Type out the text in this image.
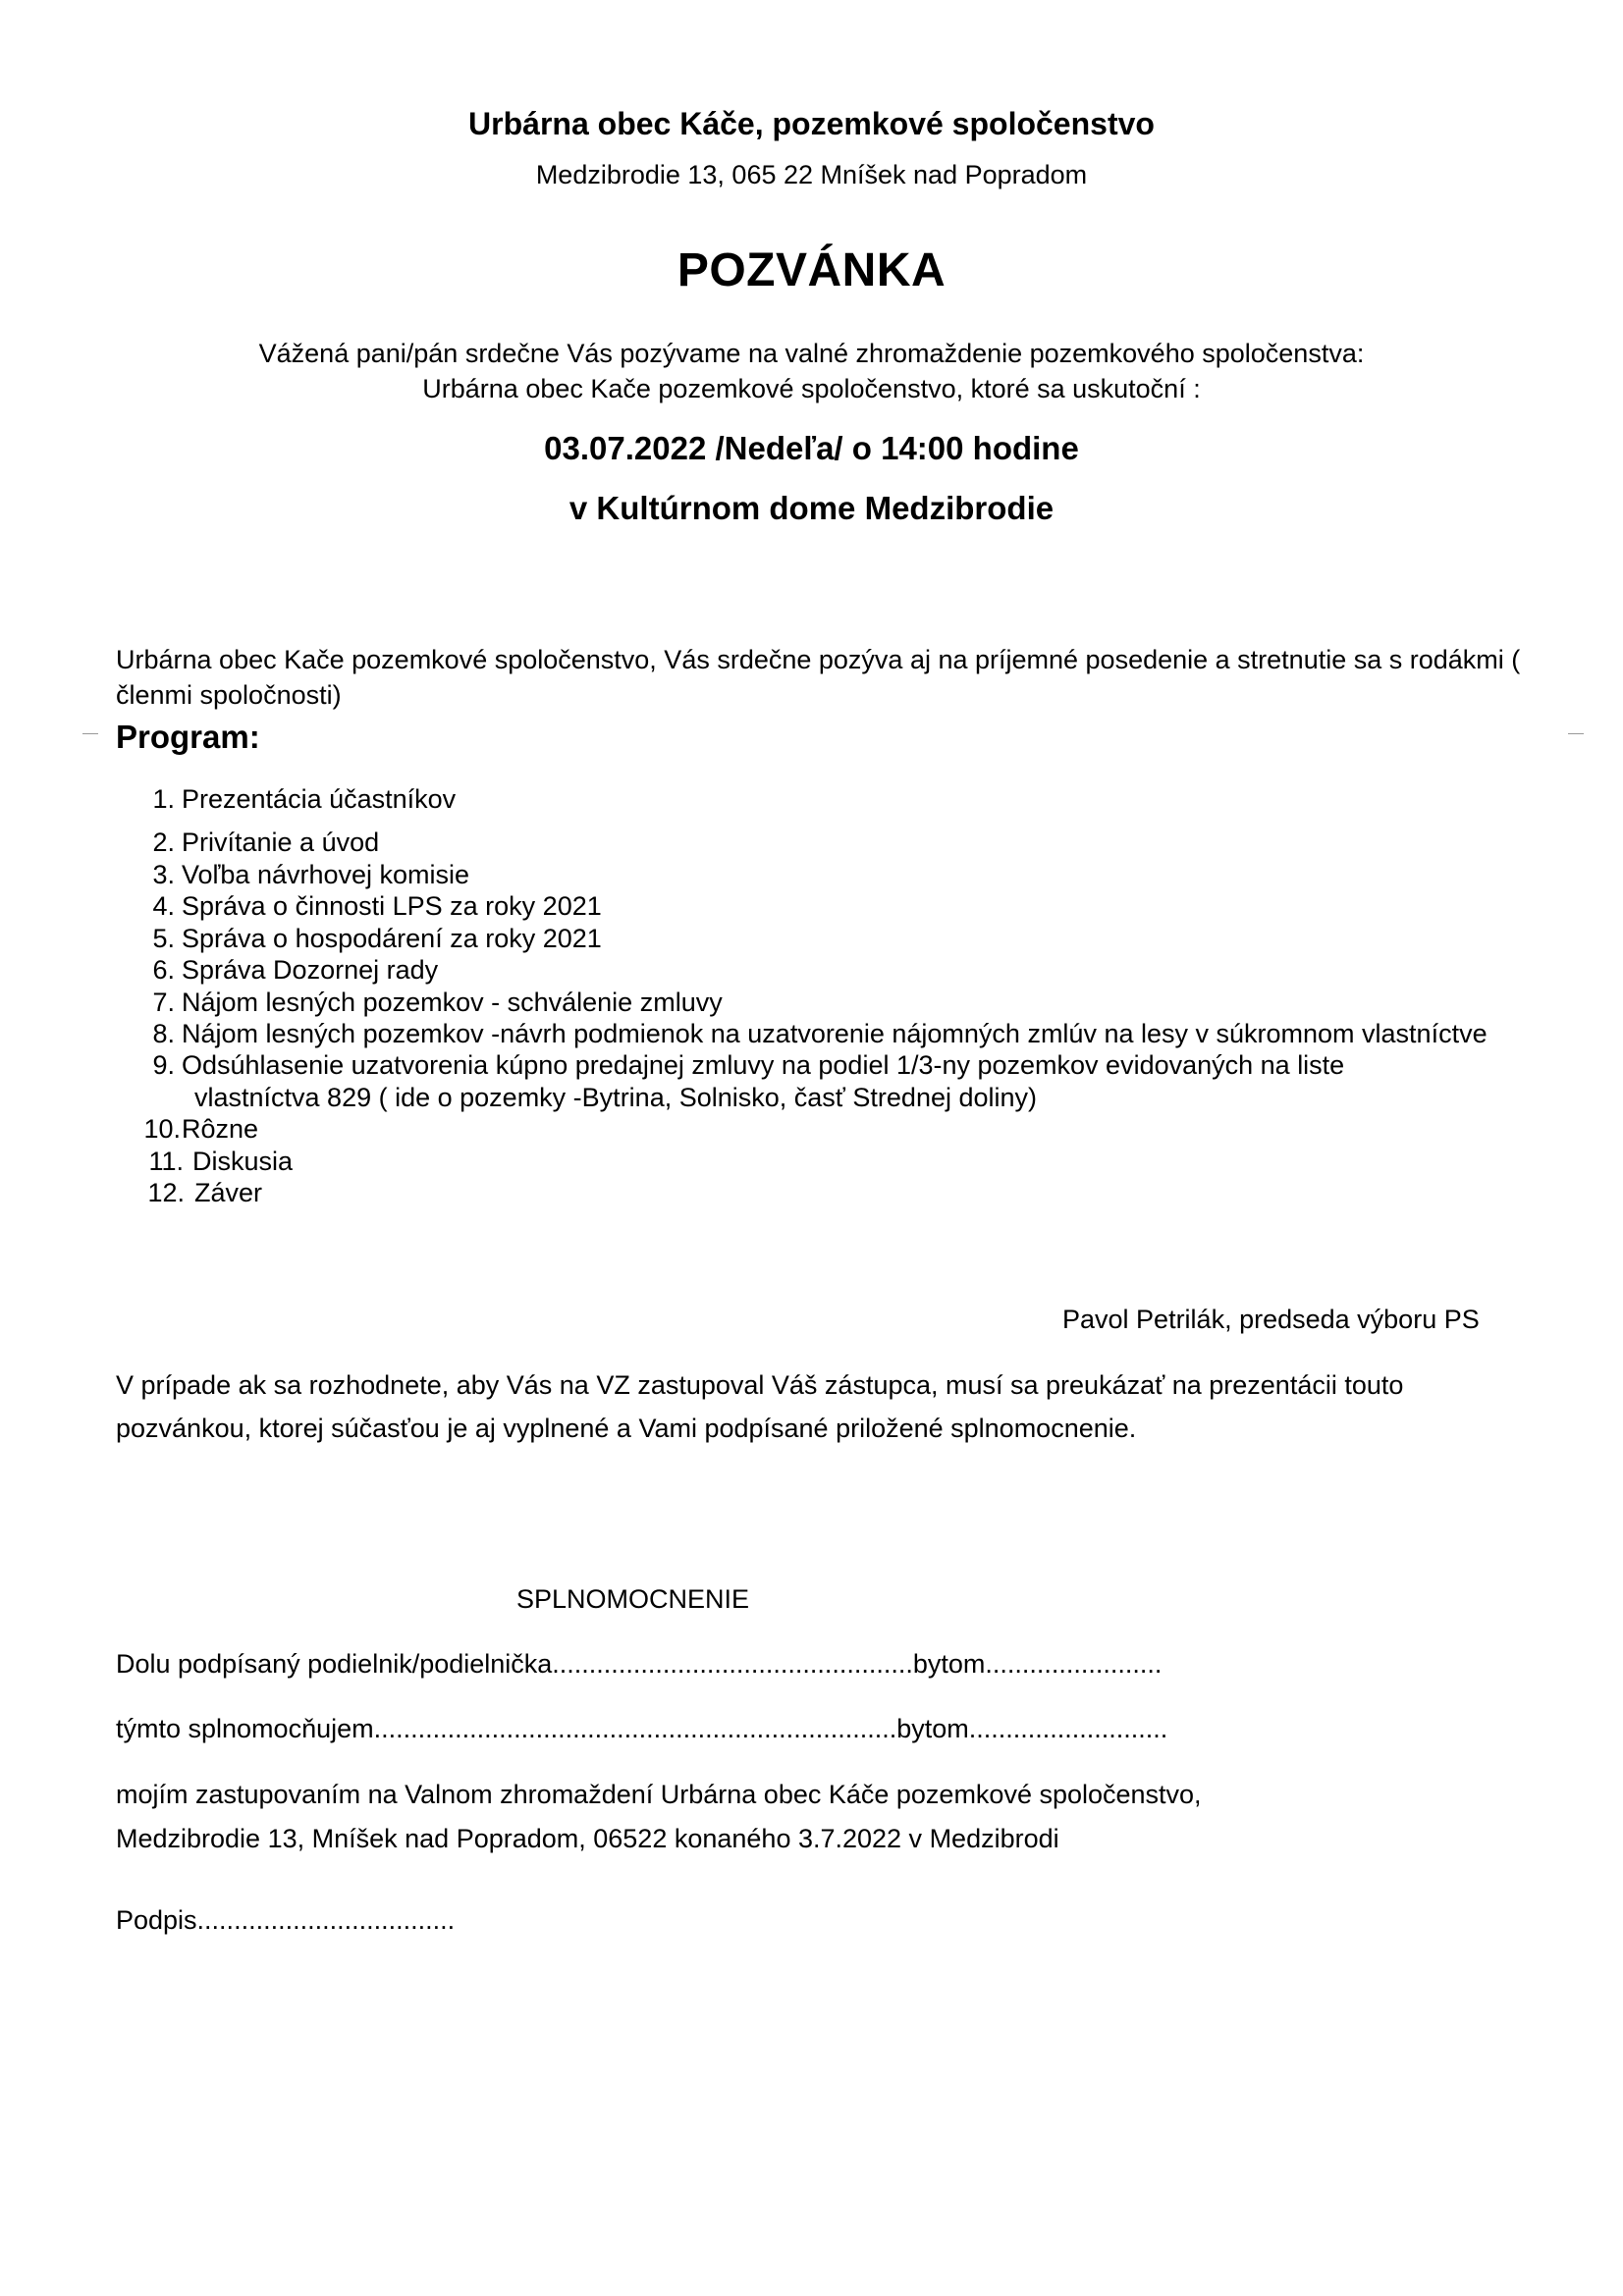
Urbárna obec Káče, pozemkové spoločenstvo
Medzibrodie 13, 065 22 Mníšek nad Popradom
POZVÁNKA
Vážená pani/pán srdečne Vás pozývame na valné zhromaždenie pozemkového spoločenstva:
Urbárna obec Kače pozemkové spoločenstvo, ktoré sa uskutoční :
03.07.2022 /Nedeľa/ o 14:00 hodine
v Kultúrnom dome Medzibrodie
Urbárna obec Kače pozemkové spoločenstvo, Vás srdečne pozýva aj na príjemné posedenie a stretnutie sa s rodákmi ( členmi spoločnosti)
Program:
1. Prezentácia účastníkov
2. Privítanie a úvod
3. Voľba návrhovej komisie
4. Správa o činnosti LPS za roky 2021
5. Správa o hospodárení za roky 2021
6. Správa Dozornej rady
7. Nájom lesných pozemkov - schválenie zmluvy
8. Nájom lesných pozemkov -návrh podmienok na uzatvorenie nájomných zmlúv na lesy v súkromnom vlastníctve
9. Odsúhlasenie uzatvorenia kúpno predajnej zmluvy na podiel 1/3-ny pozemkov evidovaných na liste
vlastníctva 829 ( ide o pozemky -Bytrina, Solnisko, časť Strednej doliny)
10. Rôzne
11. Diskusia
12. Záver
Pavol Petrilák, predseda výboru PS
V prípade ak sa rozhodnete, aby Vás na VZ zastupoval Váš zástupca, musí sa preukázať na prezentácii touto pozvánkou, ktorej súčasťou je aj vyplnené a Vami podpísané priložené splnomocnenie.
SPLNOMOCNENIE
Dolu podpísaný podielnik/podielnička.................................................bytom........................
týmto splnomocňujem.......................................................................bytom...........................
mojím zastupovaním na Valnom zhromaždení Urbárna obec Káče pozemkové spoločenstvo,
Medzibrodie 13, Mníšek nad Popradom, 06522 konaného 3.7.2022 v Medzibrodi
Podpis...................................
